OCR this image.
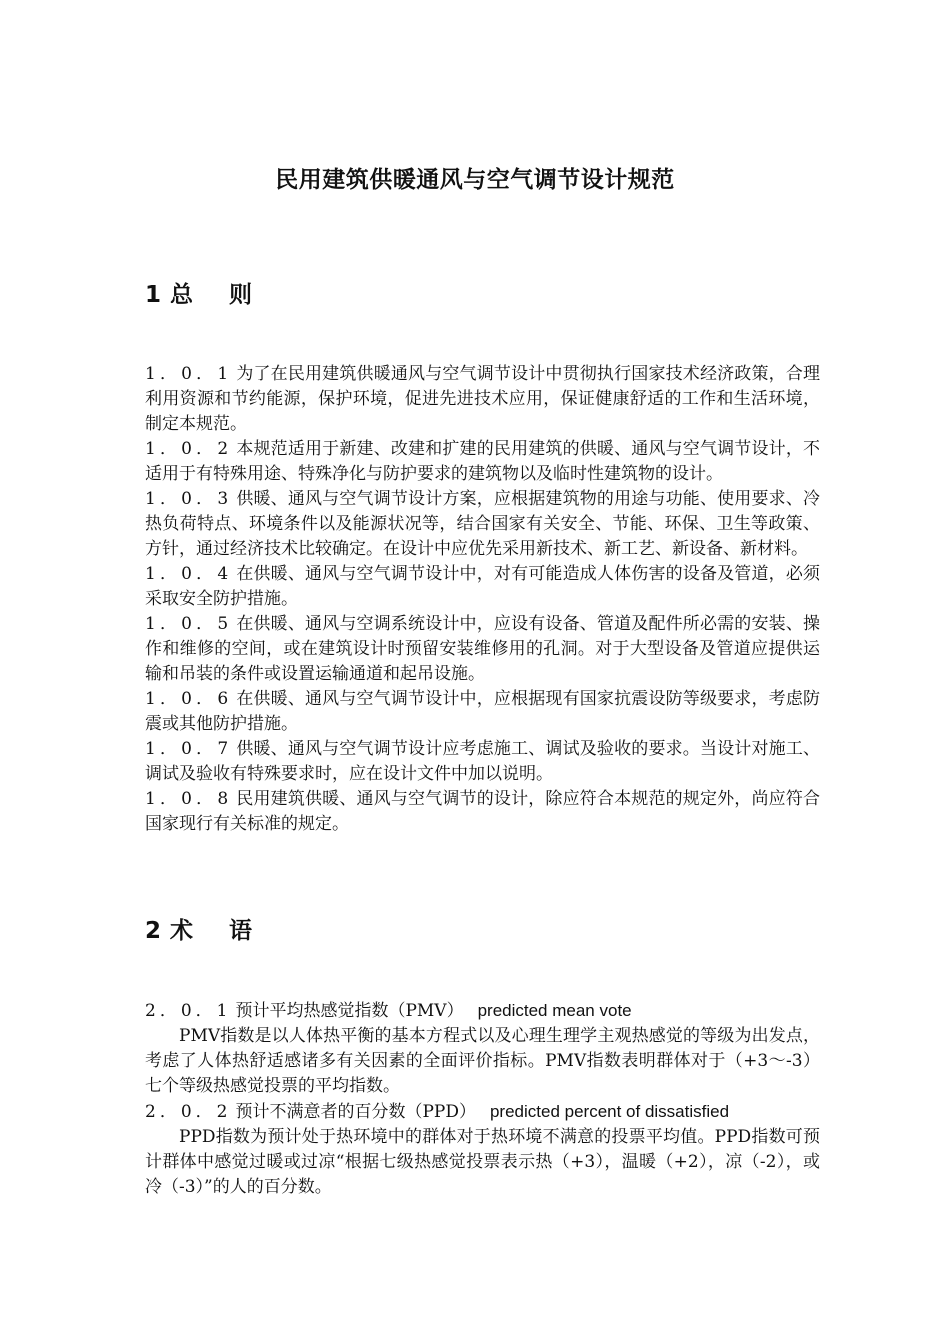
民用建筑供暖通风与空气调节设计规范
1 总 则

1．0．1 为了在民用建筑供暖通风与空气调节设计中贯彻执行国家技术经济政策，合理利用资源和节约能源，保护环境，促进先进技术应用，保证健康舒适的工作和生活环境，制定本规范。

1．0．2 本规范适用于新建、改建和扩建的民用建筑的供暖、通风与空气调节设计，不适用于有特殊用途、特殊净化与防护要求的建筑物以及临时性建筑物的设计。

1．0．3 供暖、通风与空气调节设计方案，应根据建筑物的用途与功能、使用要求、冷热负荷特点、环境条件以及能源状况等，结合国家有关安全、节能、环保、卫生等政策、方针，通过经济技术比较确定。在设计中应优先采用新技术、新工艺、新设备、新材料。

1．0．4 在供暖、通风与空气调节设计中，对有可能造成人体伤害的设备及管道，必须采取安全防护措施。

1．0．5 在供暖、通风与空调系统设计中，应设有设备、管道及配件所必需的安装、操作和维修的空间，或在建筑设计时预留安装维修用的孔洞。对于大型设备及管道应提供运输和吊装的条件或设置运输通道和起吊设施。

1．0．6 在供暖、通风与空气调节设计中，应根据现有国家抗震设防等级要求，考虑防震或其他防护措施。

1．0．7 供暖、通风与空气调节设计应考虑施工、调试及验收的要求。当设计对施工、调试及验收有特殊要求时，应在设计文件中加以说明。

1．0．8 民用建筑供暖、通风与空气调节的设计，除应符合本规范的规定外，尚应符合国家现行有关标准的规定。

2 术 语

2．0．1 预计平均热感觉指数（PMV） predicted mean vote

PMV指数是以人体热平衡的基本方程式以及心理生理学主观热感觉的等级为出发点，考虑了人体热舒适感诸多有关因素的全面评价指标。PMV指数表明群体对于（+3～-3）七个等级热感觉投票的平均指数。

2．0．2 预计不满意者的百分数（PPD） predicted percent of dissatisfied

PPD指数为预计处于热环境中的群体对于热环境不满意的投票平均值。PPD指数可预计群体中感觉过暖或过凉“根据七级热感觉投票表示热（+3），温暖（+2），凉（-2），或冷（-3）”的人的百分数。
